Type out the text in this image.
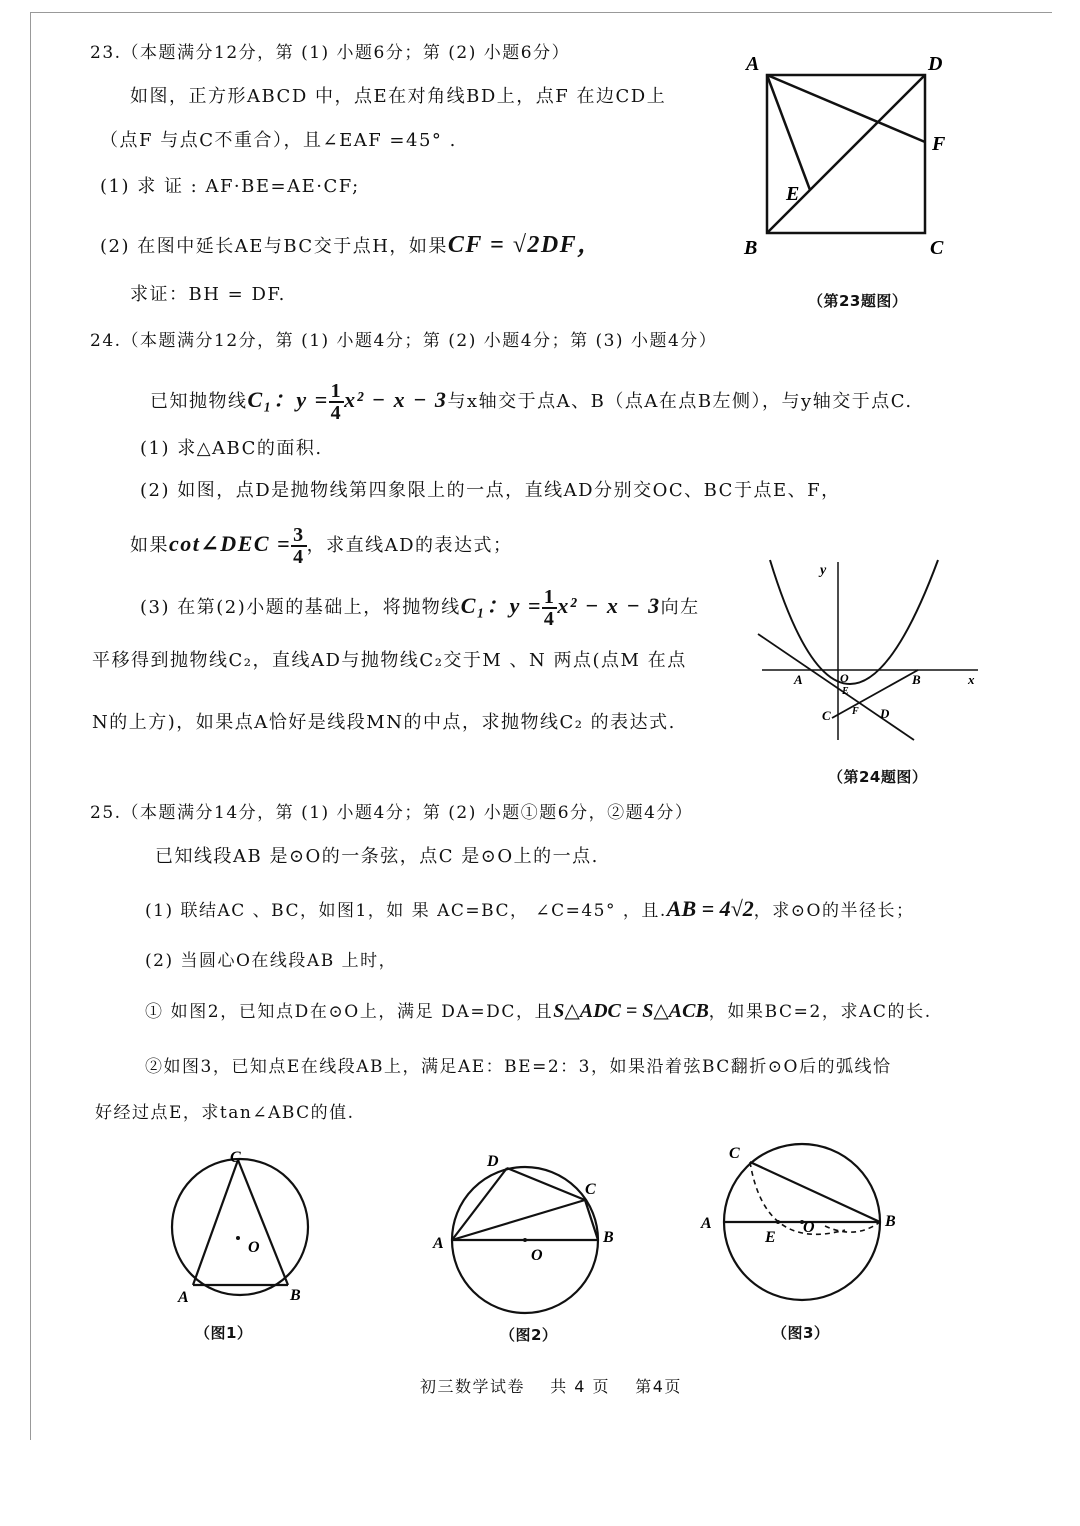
23.（本题满分12分，第 (1) 小题6分；第 (2) 小题6分）
如图，正方形ABCD 中，点E在对角线BD上，点F 在边CD上
（点F 与点C不重合），且∠EAF =45° .
(1) 求 证 : AF·BE=AE·CF;
(2) 在图中延长AE与BC交于点H，如果CF = √2DF，
求证：BH = DF.
A	D
F
E
B	C
（第23题图）
24.（本题满分12分，第 (1) 小题4分；第 (2) 小题4分；第 (3) 小题4分）
已知抛物线C₁：$y = \frac{1}{4} x^2 - x - 3$与x轴交于点A、B（点A在点B左侧），与y轴交于点C.
(1) 求△ABC的面积.
(2) 如图，点D是抛物线第四象限上的一点，直线AD分别交OC、BC于点E、F，
如果cot∠DEC = $\frac{3}{4}$ ，求直线AD的表达式；
(3) 在第(2)小题的基础上，将抛物线C₁：$y = \frac{1}{4} x^2 - x - 3$向左
平移得到抛物线C₂，直线AD与抛物线C₂交于M 、N 两点(点M 在点
N的上方)，如果点A恰好是线段MN的中点，求抛物线C₂ 的表达式.
y
A	O
E
B	x
C F D
（第24题图）
25.（本题满分14分，第 (1) 小题4分；第 (2) 小题①题6分，②题4分）
已知线段AB 是⊙O的一条弦，点C 是⊙O上的一点.
(1) 联结AC 、BC，如图1，如 果 AC=BC， ∠C=45° ，且.AB = 4√2，求⊙O的半径长；
(2) 当圆心O在线段AB 上时，
① 如图2，已知点D在⊙O上，满足 DA=DC，且S△ADC = S△ACB，如果BC=2，求AC的长.
②如图3，已知点E在线段AB上，满足AE：BE=2：3，如果沿着弦BC翻折⊙O后的弧线恰
好经过点E，求tan∠ABC的值.
C
O
A	B
（图1）
D
C
A
O
B
（图2）
C
A
E
O	B
（图3）
初三数学试卷 共 4 页 第4页
